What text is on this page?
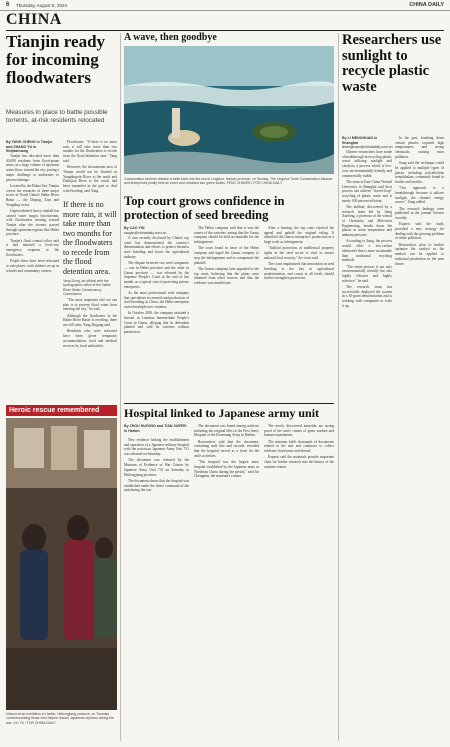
6 Thursday, August 8, 2024	CHINA DAILY
CHINA
Tianjin ready for incoming floodwaters
Measures in place to battle possible torrents, at-risk residents relocated
By YANG CHENG in Tianjin and ZHANG YU in Shijiazhuang

Tianjin has relocated more than 40,000 residents from flood-prone areas, as a large volume of upstream water flows toward the city, posing a major challenge to authorities to prevent damage.

Located by the Bohai Sea, Tianjin covers the estuaries of three major rivers in North China's Haihe River Basin — the Daqing, Ziya and Yongding rivers.

Unprecedented heavy rainfall has caused water surges downstream, with floodwaters moving toward Tianjin after the torrents passed through upstream regions like Hebei province.

Tianjin's flood control office said it had initiated a level-two emergency response to the floodwaters.

People there have been relocated to safe places, with shelters set up in schools and community centers.

Floodwater: "If there is no more rain, it will take more than two months for the floodwaters to recede from the flood detention area," Yang said.

However, the downstream area of Tianjin would not be flooded as Yongdingxin River to the north and Duliujian River to the south, had been expanded in the past to deal with flooding, said Yang.

If there is no more rain, it will take more than two months for the floodwaters to recede from the flood detention area.
Yang Dong, an official with the hydrographic office of the Haihe River Water Conservancy Commission

"The most important role we can play is to prevent flood water from entering the city," he said.

Although the floodwater in the Haihe River Basin is receding, there are still risks, Yang Zhigang said.

Residents who were relocated have been given temporary accommodation, food and medical services by local authorities.

Heroic rescue remembered
Visitors at an exhibition in Harbin, Heilongjiang province, on Tuesday commemorating those who helped rescue Japanese orphans during the war. LIU YU / FOR CHINA DAILY
A wave, then goodbye
Conservation workers release a turtle back into the sea in Lingshui, Hainan province, on Sunday. The Lingshui Turtle Conservation Alliance and enterprises jointly held an event and released two green turtles. FENG ZHIWEN / FOR CHINA DAILY
Top court grows confidence in protection of seed breeding
By CAO YIN
caoyin@chinadaily.com.cn

A case recently disclosed by China's top court has demonstrated the country's determination and efforts to protect business seed breeding and boost the agricultural industry.

The dispute between two seed companies — one in Hebei province and the other in Gansu province — was released by the Supreme People's Court at the end of last month, as a typical case of protecting private enterprises.

As the most professional seed company that specializes in research and production of seed breeding in China, the Hebei enterprise owned multiple new varieties.

In October 2018, the company initiated a lawsuit in Lanzhou Intermediate People's Court in Gansu, alleging that its defendant planted and sold its varieties without permission.

The Hebei company said that it was the owner of the varieties, noting that the Gansu company should be held accountable for the infringement.

The court found in favor of the Hebei company and urged the Gansu company to stop the infringement and to compensate the plaintiff.

The Gansu company later appealed to the top court, believing that the plants were obtained from other sources and that the evidence was insufficient.

After a hearing, the top court rejected the appeal and upheld the original ruling. It identified the Gansu enterprise's production in a large scale as infringement.

"Judicial protection of intellectual property rights in the seed sector is vital to ensure national food security," the court said.

The court emphasized that innovation in seed breeding is the key to agricultural modernization, and courts at all levels should further strengthen protection.

Hospital linked to Japanese army unit
By ZHOU HUIYING and TIAN XUEFEI in Harbin

New evidence linking the establishment and operation of a Japanese military hospital with the notorious Japanese Army Unit 731 was released on Saturday.

The document was released by the Museum of Evidence of War Crimes by Japanese Army Unit 731 on Saturday in Heilongjiang province.

The document shows that the hospital was established under the direct command of the unit during the war.

The document was found among archives including the original files of the First Army Hospital of the Kwantung Army in Harbin.

Researchers said that the document, containing staff lists and records, revealed that the hospital served as a front for the unit's activities.

"The hospital was the largest army hospital established by the Japanese army in Northeast China during the period," said Jin Chengmin, the museum's curator.

The newly discovered materials are strong proof of the unit's crimes of germ warfare and human experiments.

The museum holds thousands of documents related to the unit and continues to collect evidence from home and abroad.

Experts said the materials provide important clues for further research into the history of the wartime crimes.

Researchers use sunlight to recycle plastic waste
By LI MENGHUAN in Shanghai
limenghuan@chinadaily.com.cn

Chinese researchers have made a breakthrough in recycling plastic waste utilizing sunlight and catalysts, a process which is low-cost, environmentally friendly and commercially viable.

The team at East China Normal University in Shanghai said their process can achieve "closed-loop" recycling of plastic waste and is nearly 100 percent efficient.

The method, discovered by a research team led by Jiang Xuefeng, a professor at the school of Chemistry and Molecular Engineering, breaks down the plastic at room temperature and ambient pressure.

According to Jiang, the process would offer a low-carbon alternative that is more sustainable than traditional recycling methods.

"The entire process is not only environmentally friendly but also highly efficient and highly selective," he said.

The research team has successfully deployed the system in a 10-gram demonstration and is working with companies to scale it up.

In the past, breaking down certain plastics required high temperatures and strong chemicals, causing extra pollution.

Jiang said the technique could be applied to multiple types of plastic including polyethylene terephthalate, commonly found in bottles and textiles.

"Our approach is a breakthrough because it utilizes sunlight, the cleanest energy source," Jiang added.

The research findings were published in the journal Science recently.

Experts said the study provided a new strategy for dealing with the growing problem of white pollution.

Researchers plan to further optimize the catalyst so the method can be applied to industrial production in the near future.
